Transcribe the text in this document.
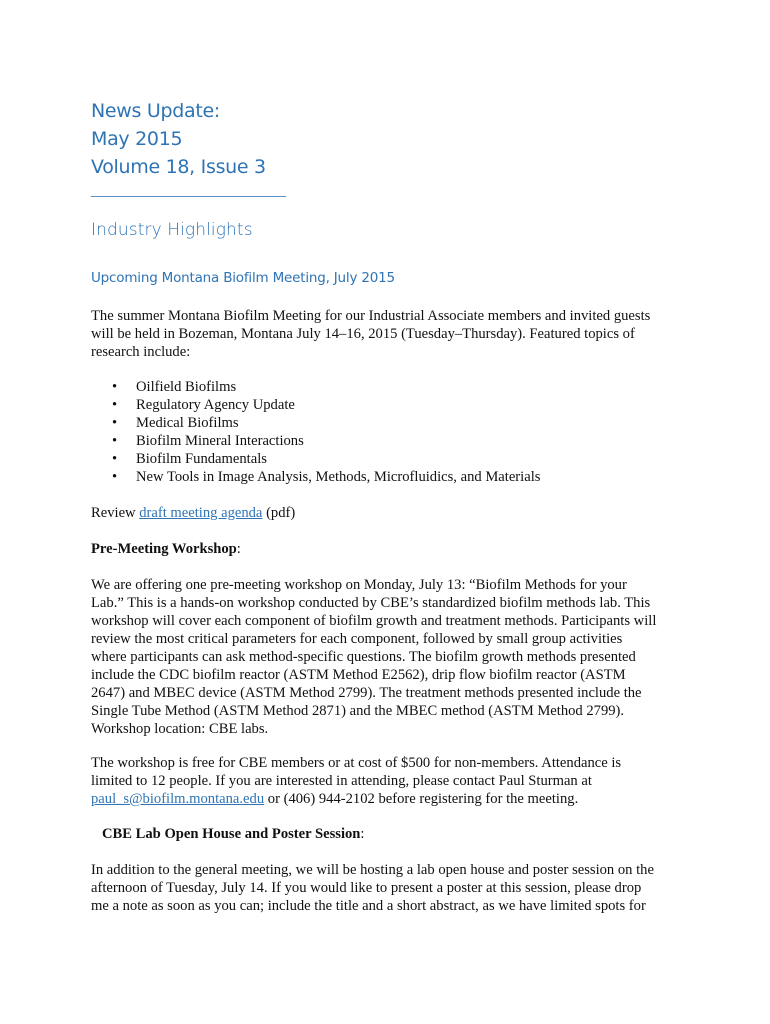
News Update:
May 2015
Volume 18, Issue 3
Industry Highlights
Upcoming Montana Biofilm Meeting, July 2015
The summer Montana Biofilm Meeting for our Industrial Associate members and invited guests
will be held in Bozeman, Montana July 14–16, 2015 (Tuesday–Thursday). Featured topics of
research include:
• Oilfield Biofilms
• Regulatory Agency Update
• Medical Biofilms
• Biofilm Mineral Interactions
• Biofilm Fundamentals
• New Tools in Image Analysis, Methods, Microfluidics, and Materials
Review draft meeting agenda (pdf)
Pre-Meeting Workshop:
We are offering one pre-meeting workshop on Monday, July 13: “Biofilm Methods for your
Lab.” This is a hands-on workshop conducted by CBE’s standardized biofilm methods lab. This
workshop will cover each component of biofilm growth and treatment methods. Participants will
review the most critical parameters for each component, followed by small group activities
where participants can ask method-specific questions. The biofilm growth methods presented
include the CDC biofilm reactor (ASTM Method E2562), drip flow biofilm reactor (ASTM
2647) and MBEC device (ASTM Method 2799). The treatment methods presented include the
Single Tube Method (ASTM Method 2871) and the MBEC method (ASTM Method 2799).
Workshop location: CBE labs.
The workshop is free for CBE members or at cost of $500 for non-members. Attendance is
limited to 12 people. If you are interested in attending, please contact Paul Sturman at
paul_s@biofilm.montana.edu or (406) 944-2102 before registering for the meeting.
CBE Lab Open House and Poster Session:
In addition to the general meeting, we will be hosting a lab open house and poster session on the
afternoon of Tuesday, July 14. If you would like to present a poster at this session, please drop
me a note as soon as you can; include the title and a short abstract, as we have limited spots for
